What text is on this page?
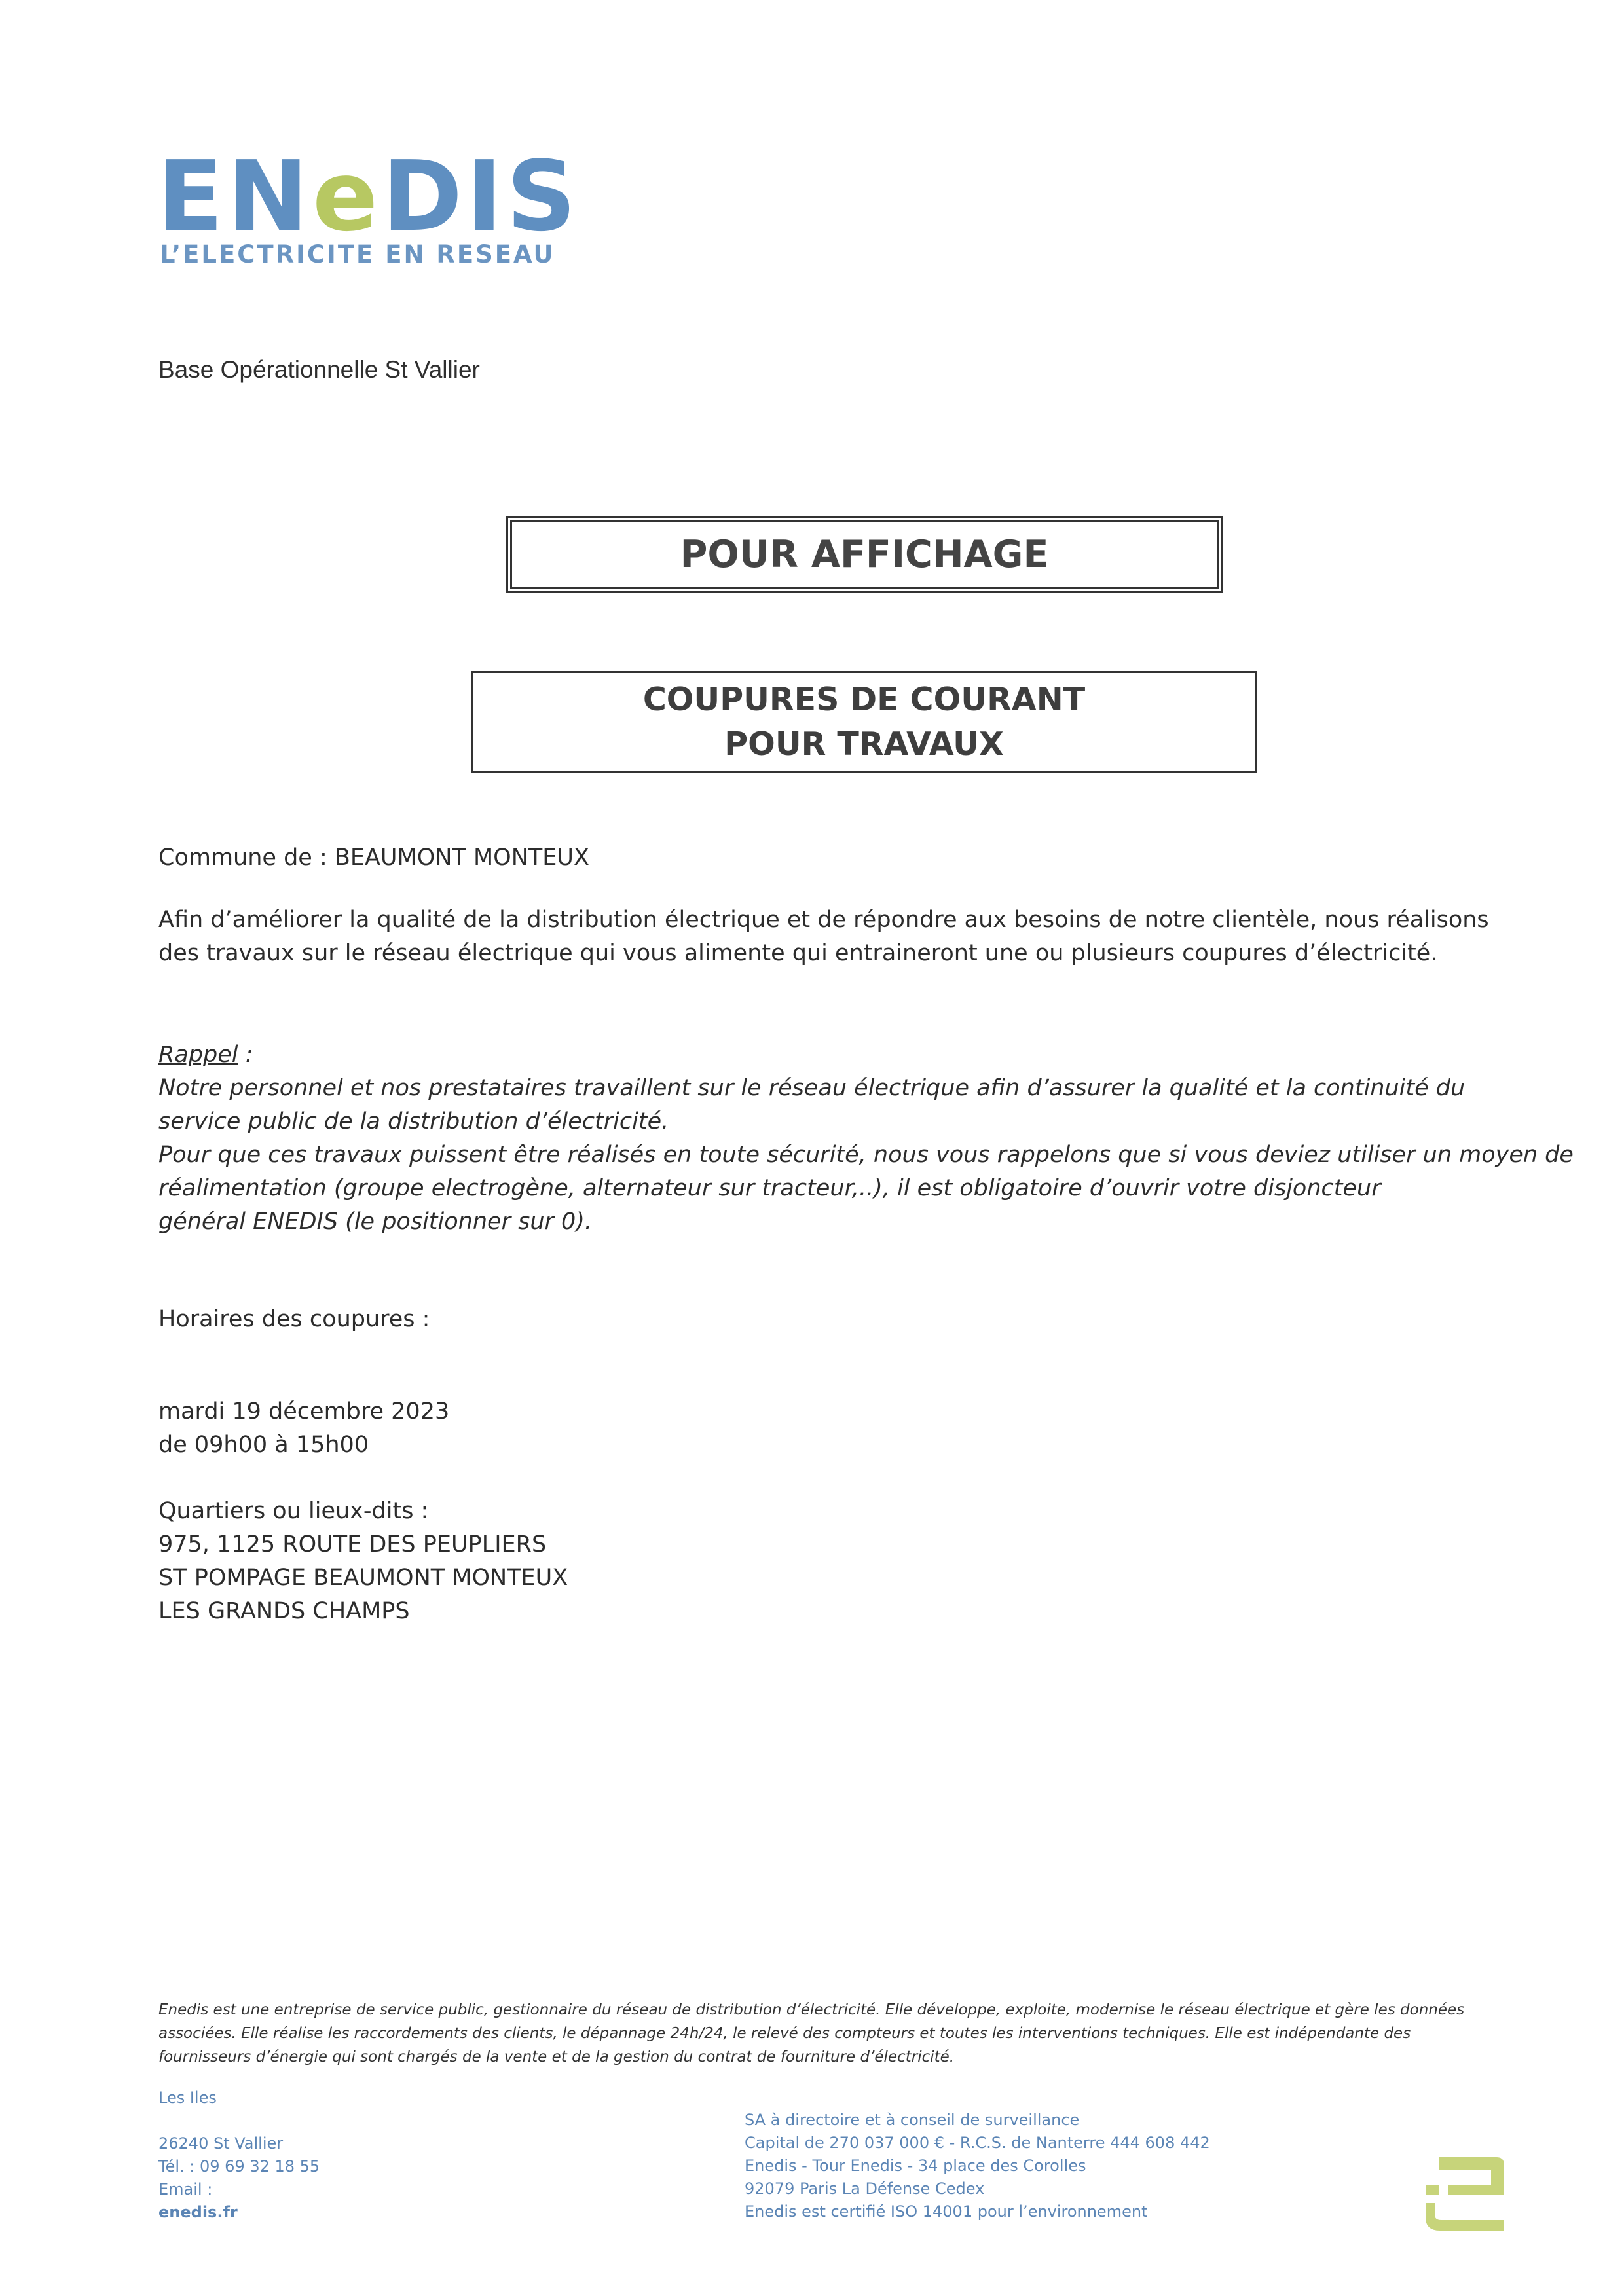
ENeDIS
L’ELECTRICITE EN RESEAU
Base Opérationnelle St Vallier
POUR AFFICHAGE
COUPURES DE COURANT
POUR TRAVAUX
Commune de : BEAUMONT MONTEUX
Afin d’améliorer la qualité de la distribution électrique et de répondre aux besoins de notre clientèle, nous réalisons des travaux sur le réseau électrique qui vous alimente qui entraineront une ou plusieurs coupures d’électricité.
Rappel :
Notre personnel et nos prestataires travaillent sur le réseau électrique afin d’assurer la qualité et la continuité du service public de la distribution d’électricité.
Pour que ces travaux puissent être réalisés en toute sécurité, nous vous rappelons que si vous deviez utiliser un moyen de
réalimentation (groupe electrogène, alternateur sur tracteur,..), il est obligatoire d’ouvrir votre disjoncteur
général ENEDIS (le positionner sur 0).
Horaires des coupures :
mardi 19 décembre 2023
de 09h00 à 15h00
Quartiers ou lieux-dits :
975, 1125 ROUTE DES PEUPLIERS
ST POMPAGE BEAUMONT MONTEUX
LES GRANDS CHAMPS
Enedis est une entreprise de service public, gestionnaire du réseau de distribution d’électricité. Elle développe, exploite, modernise le réseau électrique et gère les données associées. Elle réalise les raccordements des clients, le dépannage 24h/24, le relevé des compteurs et toutes les interventions techniques. Elle est indépendante des fournisseurs d’énergie qui sont chargés de la vente et de la gestion du contrat de fourniture d’électricité.
Les Iles
26240 St Vallier
Tél. : 09 69 32 18 55
Email :
enedis.fr
SA à directoire et à conseil de surveillance
Capital de 270 037 000 € - R.C.S. de Nanterre 444 608 442
Enedis - Tour Enedis - 34 place des Corolles
92079 Paris La Défense Cedex
Enedis est certifié ISO 14001 pour l’environnement
